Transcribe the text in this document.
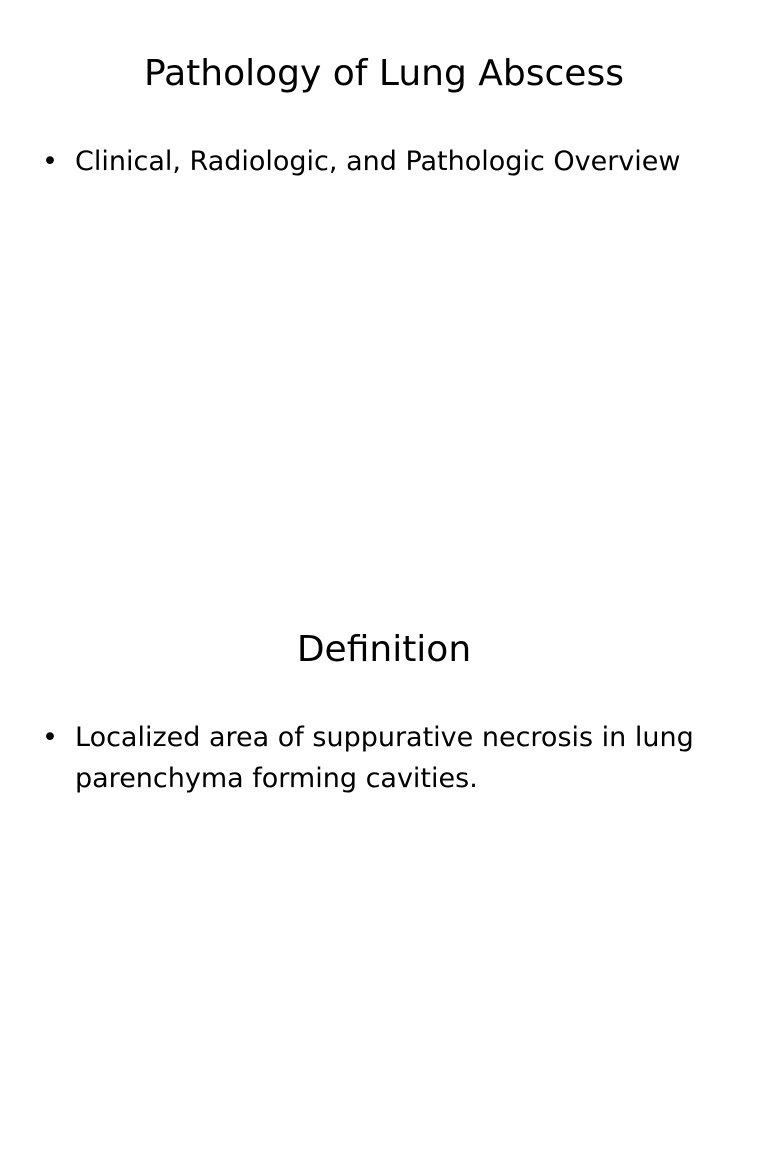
Pathology of Lung Abscess
• Clinical, Radiologic, and Pathologic Overview
Definition
• Localized area of suppurative necrosis in lung parenchyma forming cavities.
